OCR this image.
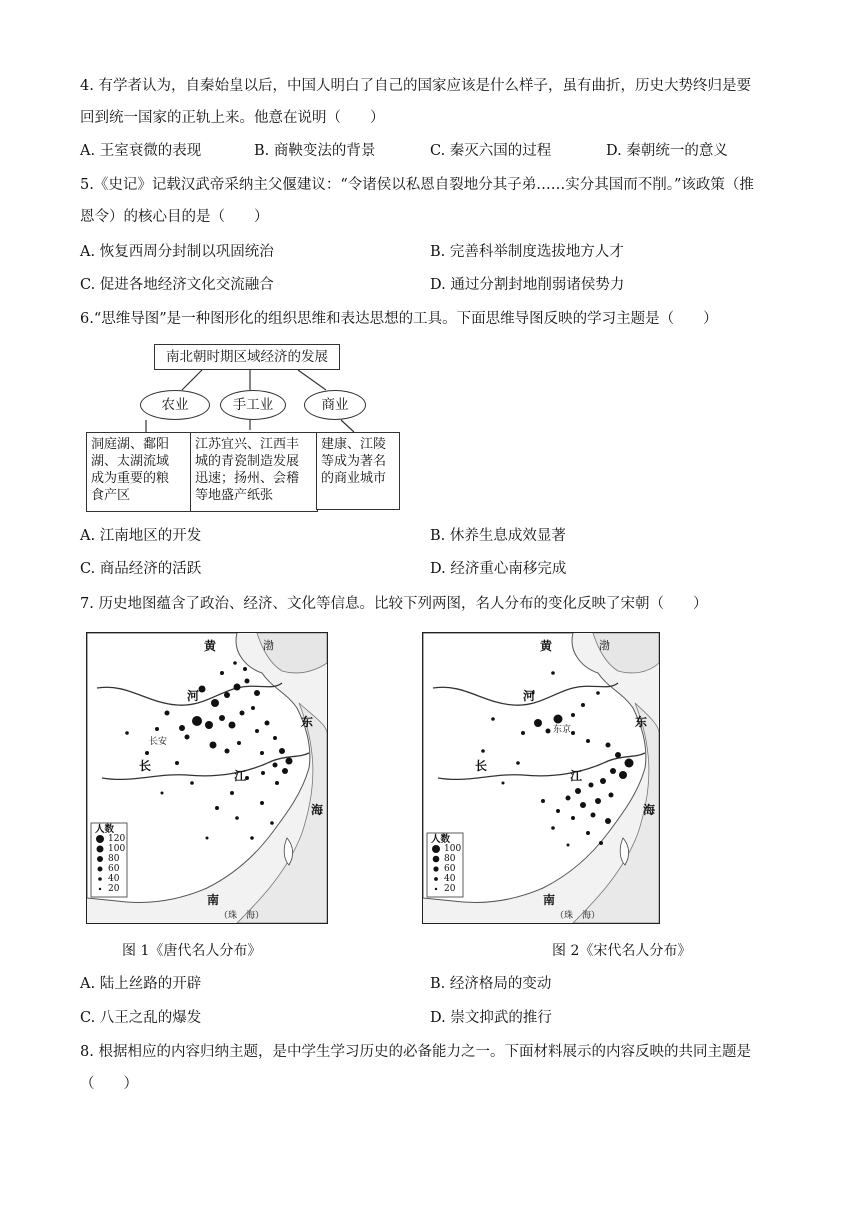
4. 有学者认为，自秦始皇以后，中国人明白了自己的国家应该是什么样子，虽有曲折，历史大势终归是要
回到统一国家的正轨上来。他意在说明（　　）
A. 王室衰微的表现	B. 商鞅变法的背景	C. 秦灭六国的过程	D. 秦朝统一的意义
5.《史记》记载汉武帝采纳主父偃建议：“令诸侯以私恩自裂地分其子弟……实分其国而不削。”该政策（推
恩令）的核心目的是（　　）
A. 恢复西周分封制以巩固统治	B. 完善科举制度选拔地方人才
C. 促进各地经济文化交流融合	D. 通过分割封地削弱诸侯势力
6.“思维导图”是一种图形化的组织思维和表达思想的工具。下面思维导图反映的学习主题是（　　）
南北朝时期区域经济的发展
农业	手工业	商业
洞庭湖、鄱阳
湖、太湖流域
成为重要的粮
食产区
江苏宜兴、江西丰
城的青瓷制造发展
迅速；扬州、会稽
等地盛产纸张
建康、江陵
等成为著名
的商业城市
A. 江南地区的开发	B. 休养生息成效显著
C. 商品经济的活跃	D. 经济重心南移完成
7. 历史地图蕴含了政治、经济、文化等信息。比较下列两图，名人分布的变化反映了宋朝（　　）
人数
120
100
80
60
40
20
黄	渤
河
长安
长
江
东
海
南
（珠　海）
图 1《唐代名人分布》
人数
100
80
60
40
20
黄	渤
河
东京
长
江
东
海
南
（珠　海）
图 2《宋代名人分布》
A. 陆上丝路的开辟	B. 经济格局的变动
C. 八王之乱的爆发	D. 崇文抑武的推行
8. 根据相应的内容归纳主题，是中学生学习历史的必备能力之一。下面材料展示的内容反映的共同主题是
（　　）
